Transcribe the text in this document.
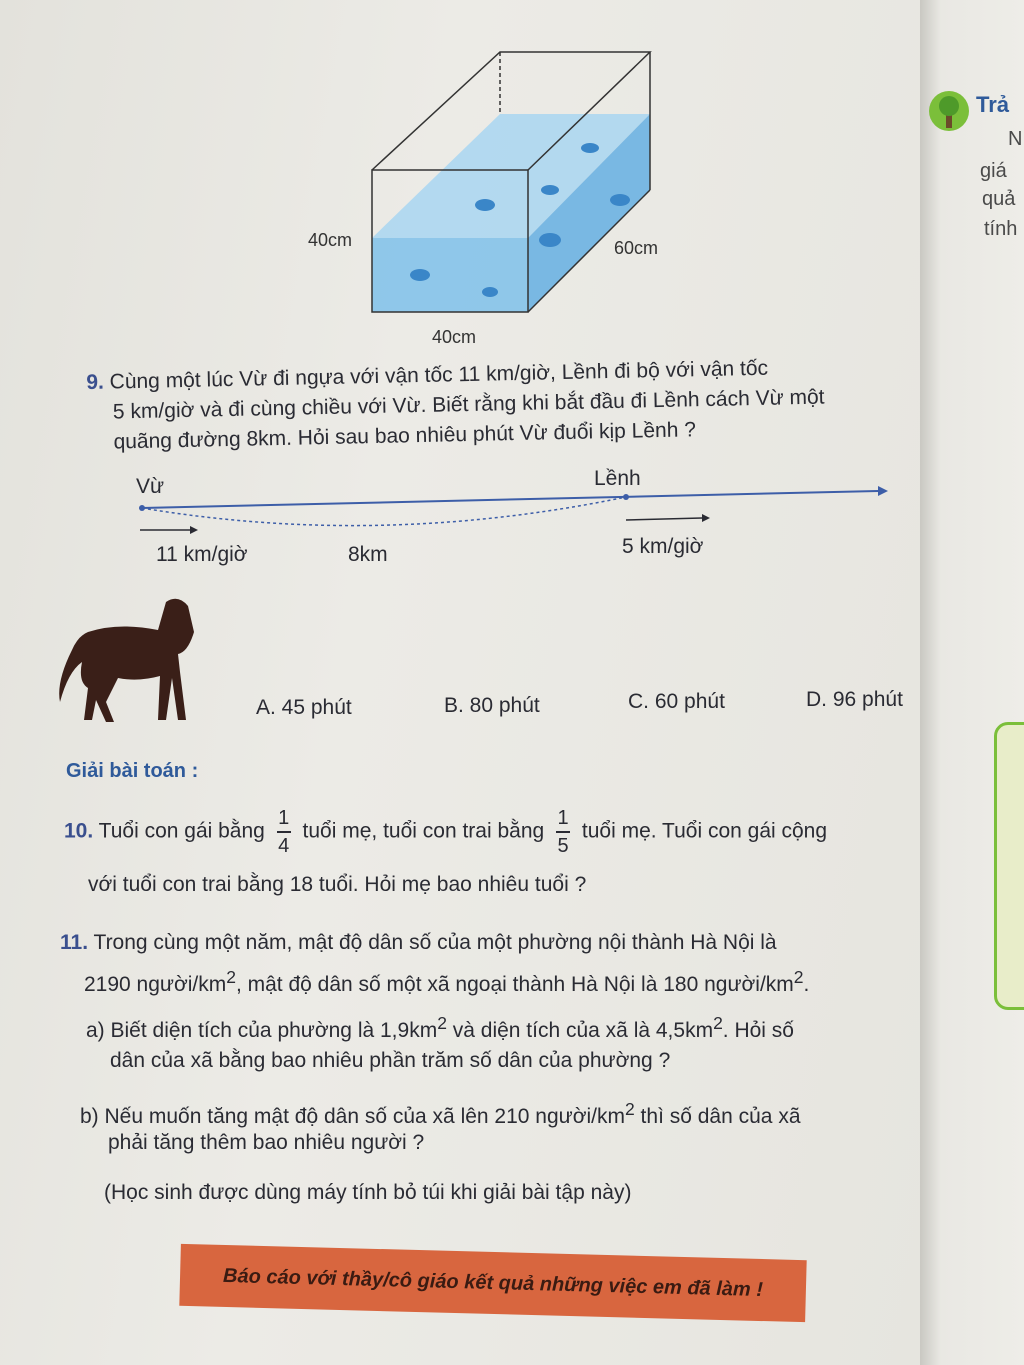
40cm	60cm
40cm
9. Cùng một lúc Vừ đi ngựa với vận tốc 11 km/giờ, Lềnh đi bộ với vận tốc
5 km/giờ và đi cùng chiều với Vừ. Biết rằng khi bắt đầu đi Lềnh cách Vừ một
quãng đường 8km. Hỏi sau bao nhiêu phút Vừ đuổi kịp Lềnh ?
Vừ	Lềnh
11 km/giờ	8km	5 km/giờ
A. 45 phút	B. 80 phút	C. 60 phút	D. 96 phút
Giải bài toán :
10. Tuổi con gái bằng $\frac{1}{4}$ tuổi mẹ, tuổi con trai bằng $\frac{1}{5}$ tuổi mẹ. Tuổi con gái cộng
với tuổi con trai bằng 18 tuổi. Hỏi mẹ bao nhiêu tuổi ?
11. Trong cùng một năm, mật độ dân số của một phường nội thành Hà Nội là
2190 người/$km^2$, mật độ dân số một xã ngoại thành Hà Nội là 180 người/$km^2$.
a) Biết diện tích của phường là $1,9km^2$ và diện tích của xã là $4,5km^2$. Hỏi số
dân của xã bằng bao nhiêu phần trăm số dân của phường ?
b) Nếu muốn tăng mật độ dân số của xã lên 210 người/$km^2$ thì số dân của xã
phải tăng thêm bao nhiêu người ?
(Học sinh được dùng máy tính bỏ túi khi giải bài tập này)
Báo cáo với thầy/cô giáo kết quả những việc em đã làm !
Trả
N
giá
quả
tính
